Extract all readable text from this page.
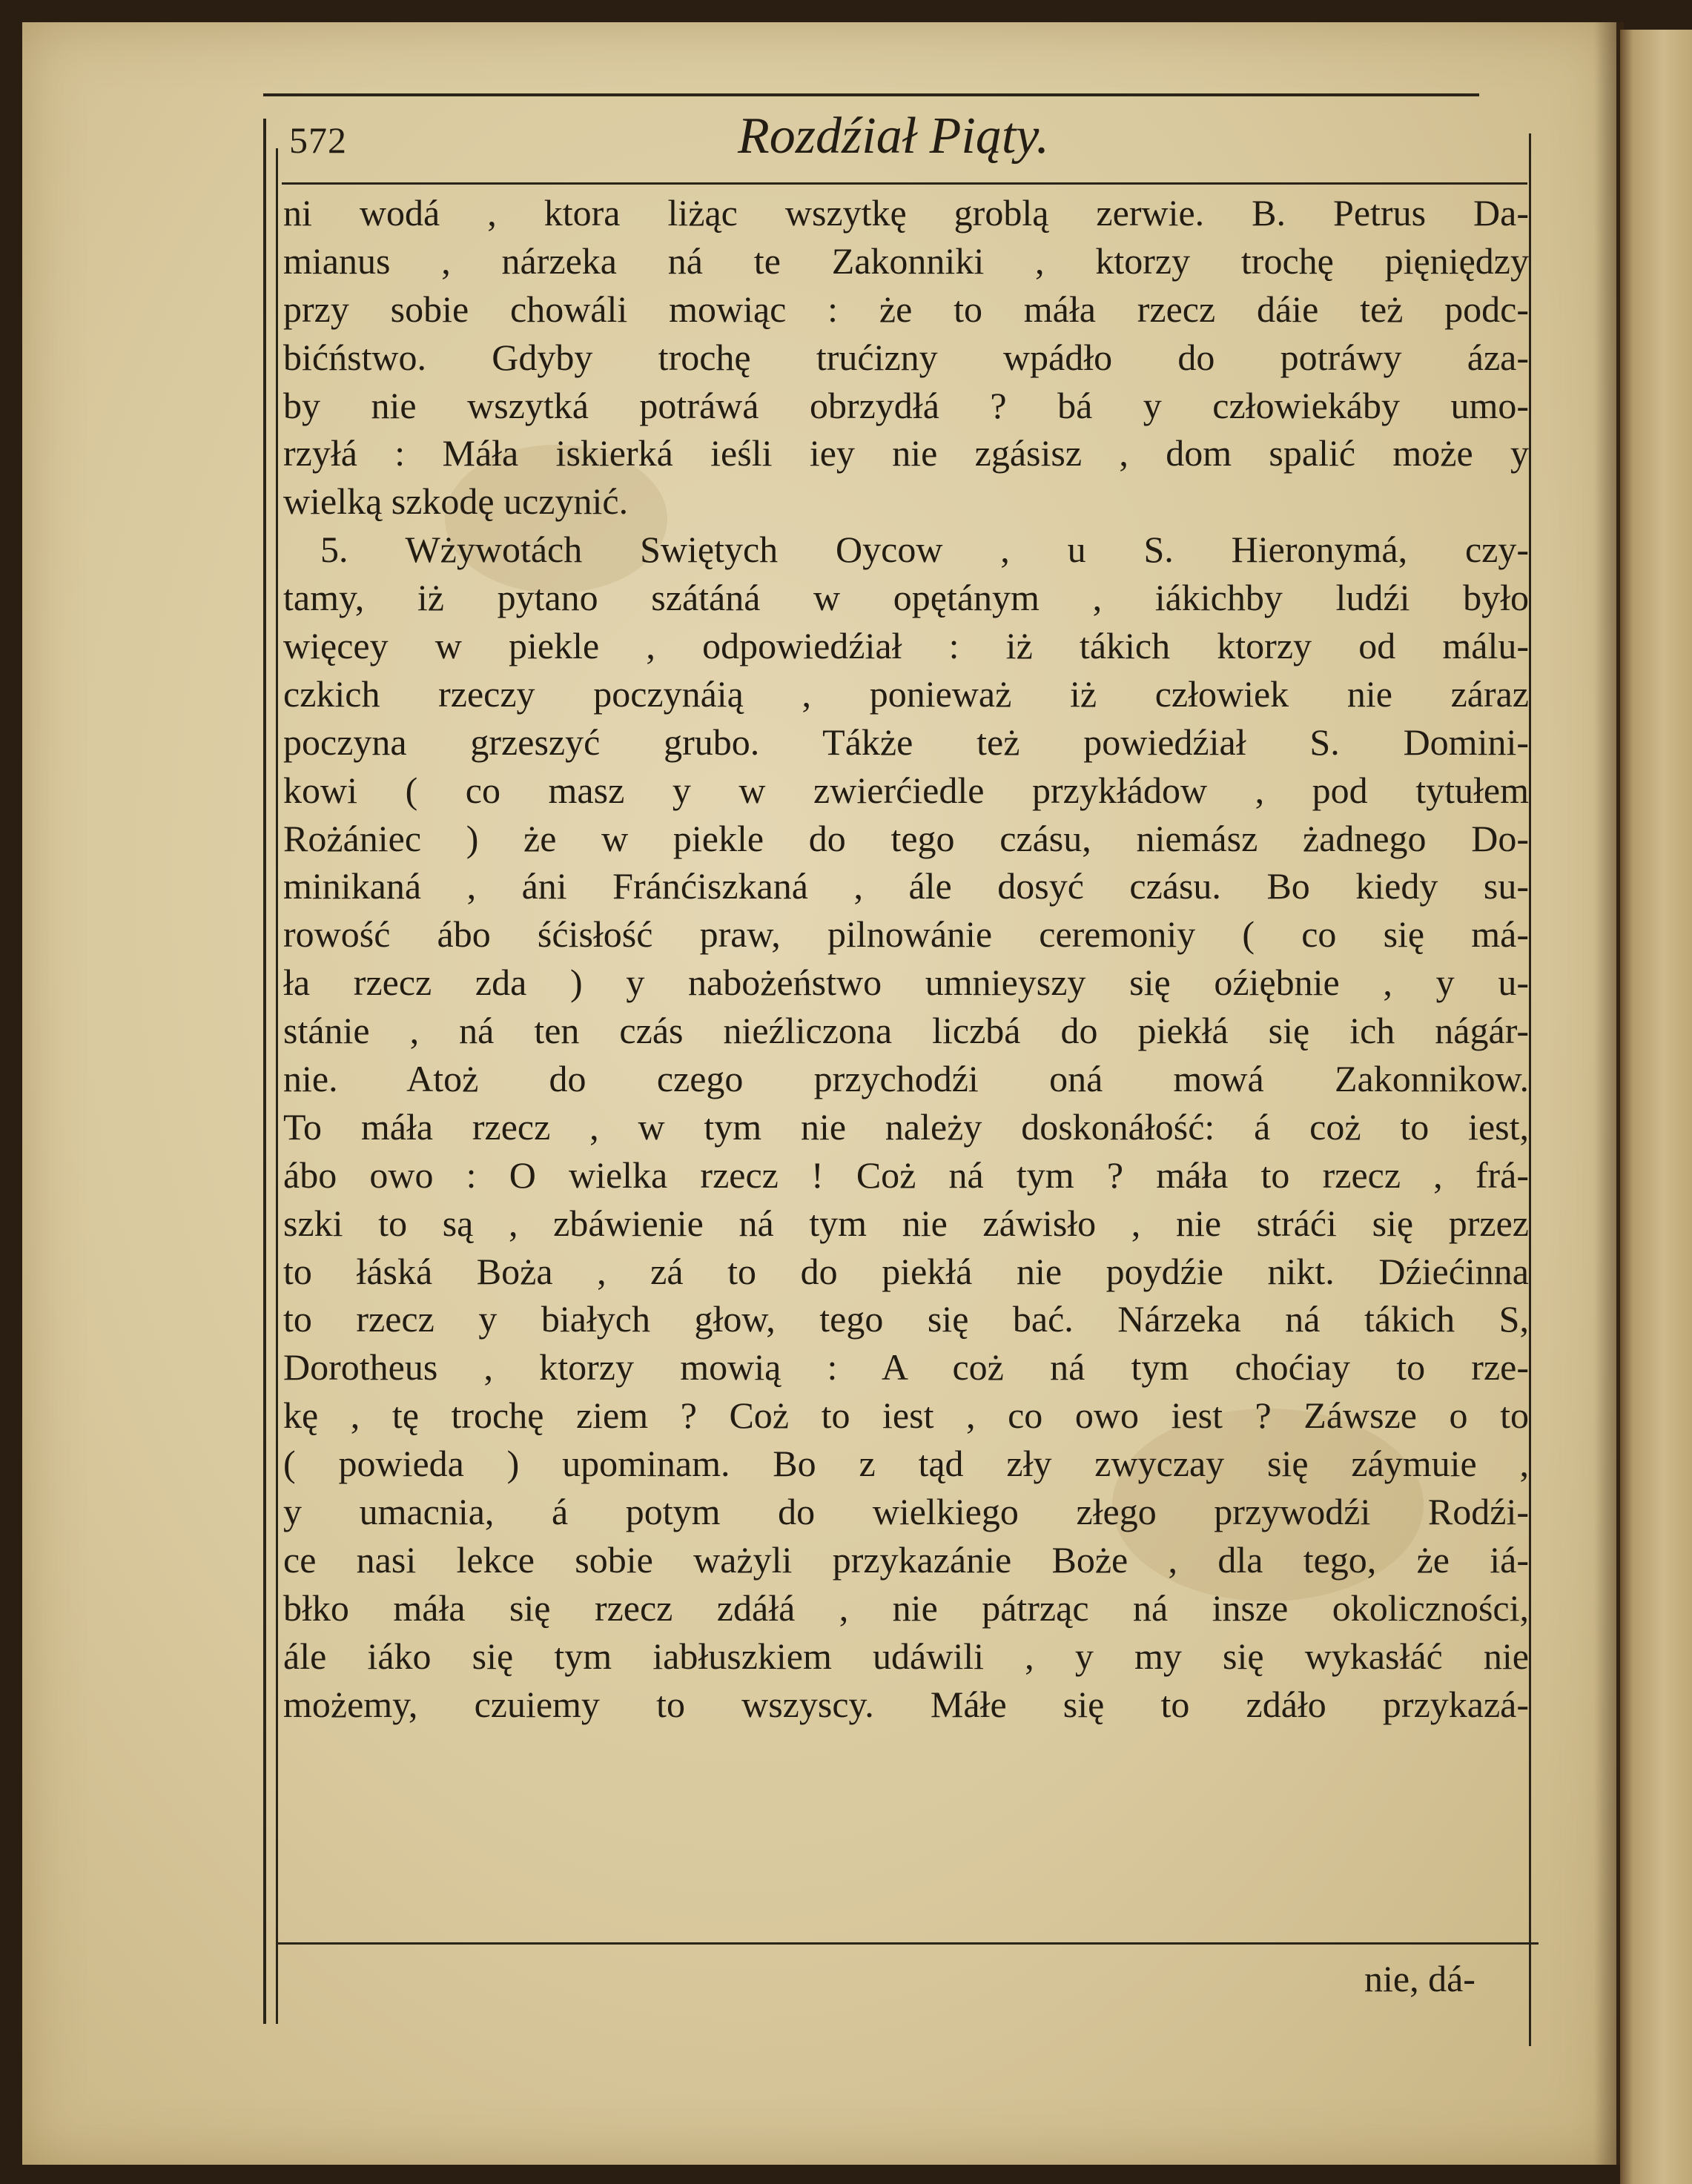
572	Rozdźiał Piąty.
ni wodá , ktora liżąc wszytkę groblą zerwie. B. Petrus Da-
mianus , nárzeka ná te Zakonniki , ktorzy trochę pięniędzy
przy sobie chowáli mowiąc : że to máła rzecz dáie też podc-
bićństwo. Gdyby trochę trućizny wpádło do potráwy áza-
by nie wszytká potráwá obrzydłá ? bá y człowiekáby umo-
rzyłá : Máła iskierká ieśli iey nie zgásisz , dom spalić może y
wielką szkodę uczynić.
5. Wżywotách Swiętych Oycow , u S. Hieronymá, czy-
tamy, iż pytano szátáná w opętánym , iákichby ludźi było
więcey w piekle , odpowiedźiał : iż tákich ktorzy od málu-
czkich rzeczy poczynáią , ponieważ iż człowiek nie záraz
poczyna grzeszyć grubo. Tákże też powiedźiał S. Domini-
kowi ( co masz y w zwierćiedle przykłádow , pod tytułem
Rożániec ) że w piekle do tego czásu, niemász żadnego Do-
minikaná , áni Fránćiszkaná , ále dosyć czásu. Bo kiedy su-
rowość ábo śćisłość praw, pilnowánie ceremoniy ( co się má-
ła rzecz zda ) y nabożeństwo umnieyszy się oźiębnie , y u-
stánie , ná ten czás nieźliczona liczbá do piekłá się ich nágár-
nie. Atoż do czego przychodźi oná mowá Zakonnikow.
To máła rzecz , w tym nie należy doskonáłość: á coż to iest,
ábo owo : O wielka rzecz ! Coż ná tym ? máła to rzecz , frá-
szki to są , zbáwienie ná tym nie záwisło , nie stráći się przez
to łáská Boża , zá to do piekłá nie poydźie nikt. Dźiećinna
to rzecz y białych głow, tego się bać. Nárzeka ná tákich S,
Dorotheus , ktorzy mowią : A coż ná tym choćiay to rze-
kę , tę trochę ziem ? Coż to iest , co owo iest ? Záwsze o to
( powieda ) upominam. Bo z tąd zły zwyczay się záymuie ,
y umacnia, á potym do wielkiego złego przywodźi Rodźi-
ce nasi lekce sobie ważyli przykazánie Boże , dla tego, że iá-
błko máła się rzecz zdáłá , nie pátrząc ná insze okoliczności,
ále iáko się tym iabłuszkiem udáwili , y my się wykasłáć nie
możemy, czuiemy to wszyscy. Máłe się to zdáło przykazá-
nie, dá-
